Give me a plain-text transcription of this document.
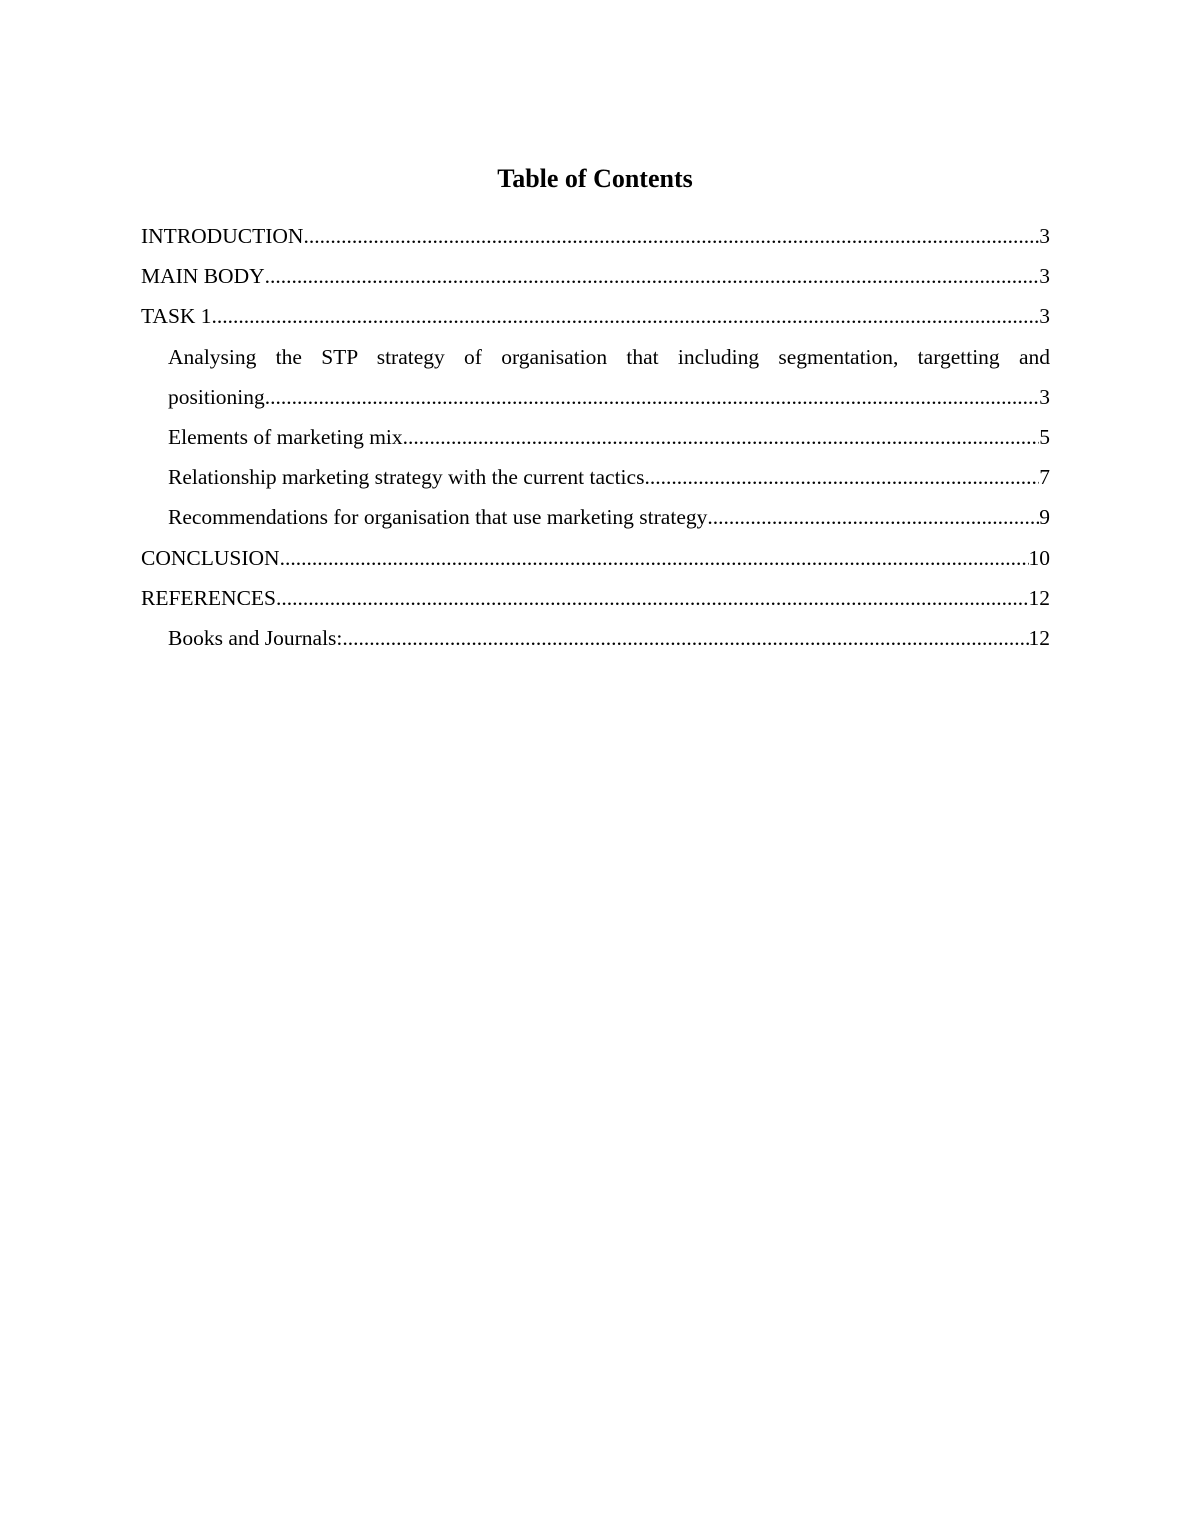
Table of Contents
INTRODUCTION .....	3
MAIN BODY .....	3
TASK 1 .....	3
Analysing the STP strategy of organisation that including segmentation, targetting and
positioning .....	3
Elements of marketing mix .....	5
Relationship marketing strategy with the current tactics .....	7
Recommendations for organisation that use marketing strategy .....	9
CONCLUSION .....	10
REFERENCES .....	12
Books and Journals: .....	12
